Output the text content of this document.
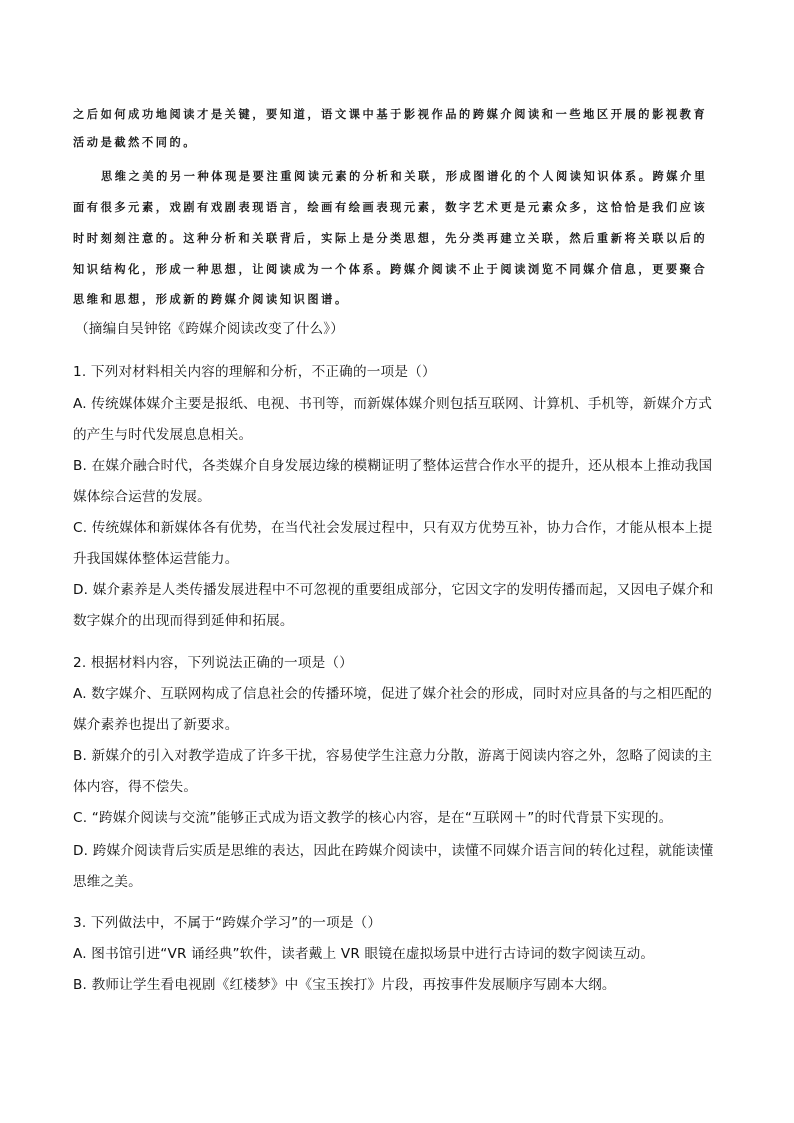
之后如何成功地阅读才是关键，要知道，语文课中基于影视作品的跨媒介阅读和一些地区开展的影视教育
活动是截然不同的。
思维之美的另一种体现是要注重阅读元素的分析和关联，形成图谱化的个人阅读知识体系。跨媒介里
面有很多元素，戏剧有戏剧表现语言，绘画有绘画表现元素，数字艺术更是元素众多，这恰恰是我们应该
时时刻刻注意的。这种分析和关联背后，实际上是分类思想，先分类再建立关联，然后重新将关联以后的
知识结构化，形成一种思想，让阅读成为一个体系。跨媒介阅读不止于阅读浏览不同媒介信息，更要聚合
思维和思想，形成新的跨媒介阅读知识图谱。
（摘编自吴钟铭《跨媒介阅读改变了什么》）
1. 下列对材料相关内容的理解和分析，不正确的一项是（）
A. 传统媒体媒介主要是报纸、电视、书刊等，而新媒体媒介则包括互联网、计算机、手机等，新媒介方式
的产生与时代发展息息相关。
B. 在媒介融合时代，各类媒介自身发展边缘的模糊证明了整体运营合作水平的提升，还从根本上推动我国
媒体综合运营的发展。
C. 传统媒体和新媒体各有优势，在当代社会发展过程中，只有双方优势互补，协力合作，才能从根本上提
升我国媒体整体运营能力。
D. 媒介素养是人类传播发展进程中不可忽视的重要组成部分，它因文字的发明传播而起，又因电子媒介和
数字媒介的出现而得到延伸和拓展。
2. 根据材料内容，下列说法正确的一项是（）
A. 数字媒介、互联网构成了信息社会的传播环境，促进了媒介社会的形成，同时对应具备的与之相匹配的
媒介素养也提出了新要求。
B. 新媒介的引入对教学造成了许多干扰，容易使学生注意力分散，游离于阅读内容之外，忽略了阅读的主
体内容，得不偿失。
C. “跨媒介阅读与交流”能够正式成为语文教学的核心内容，是在“互联网＋”的时代背景下实现的。
D. 跨媒介阅读背后实质是思维的表达，因此在跨媒介阅读中，读懂不同媒介语言间的转化过程，就能读懂
思维之美。
3. 下列做法中，不属于“跨媒介学习”的一项是（）
A. 图书馆引进“VR 诵经典”软件，读者戴上 VR 眼镜在虚拟场景中进行古诗词的数字阅读互动。
B. 教师让学生看电视剧《红楼梦》中《宝玉挨打》片段，再按事件发展顺序写剧本大纲。
